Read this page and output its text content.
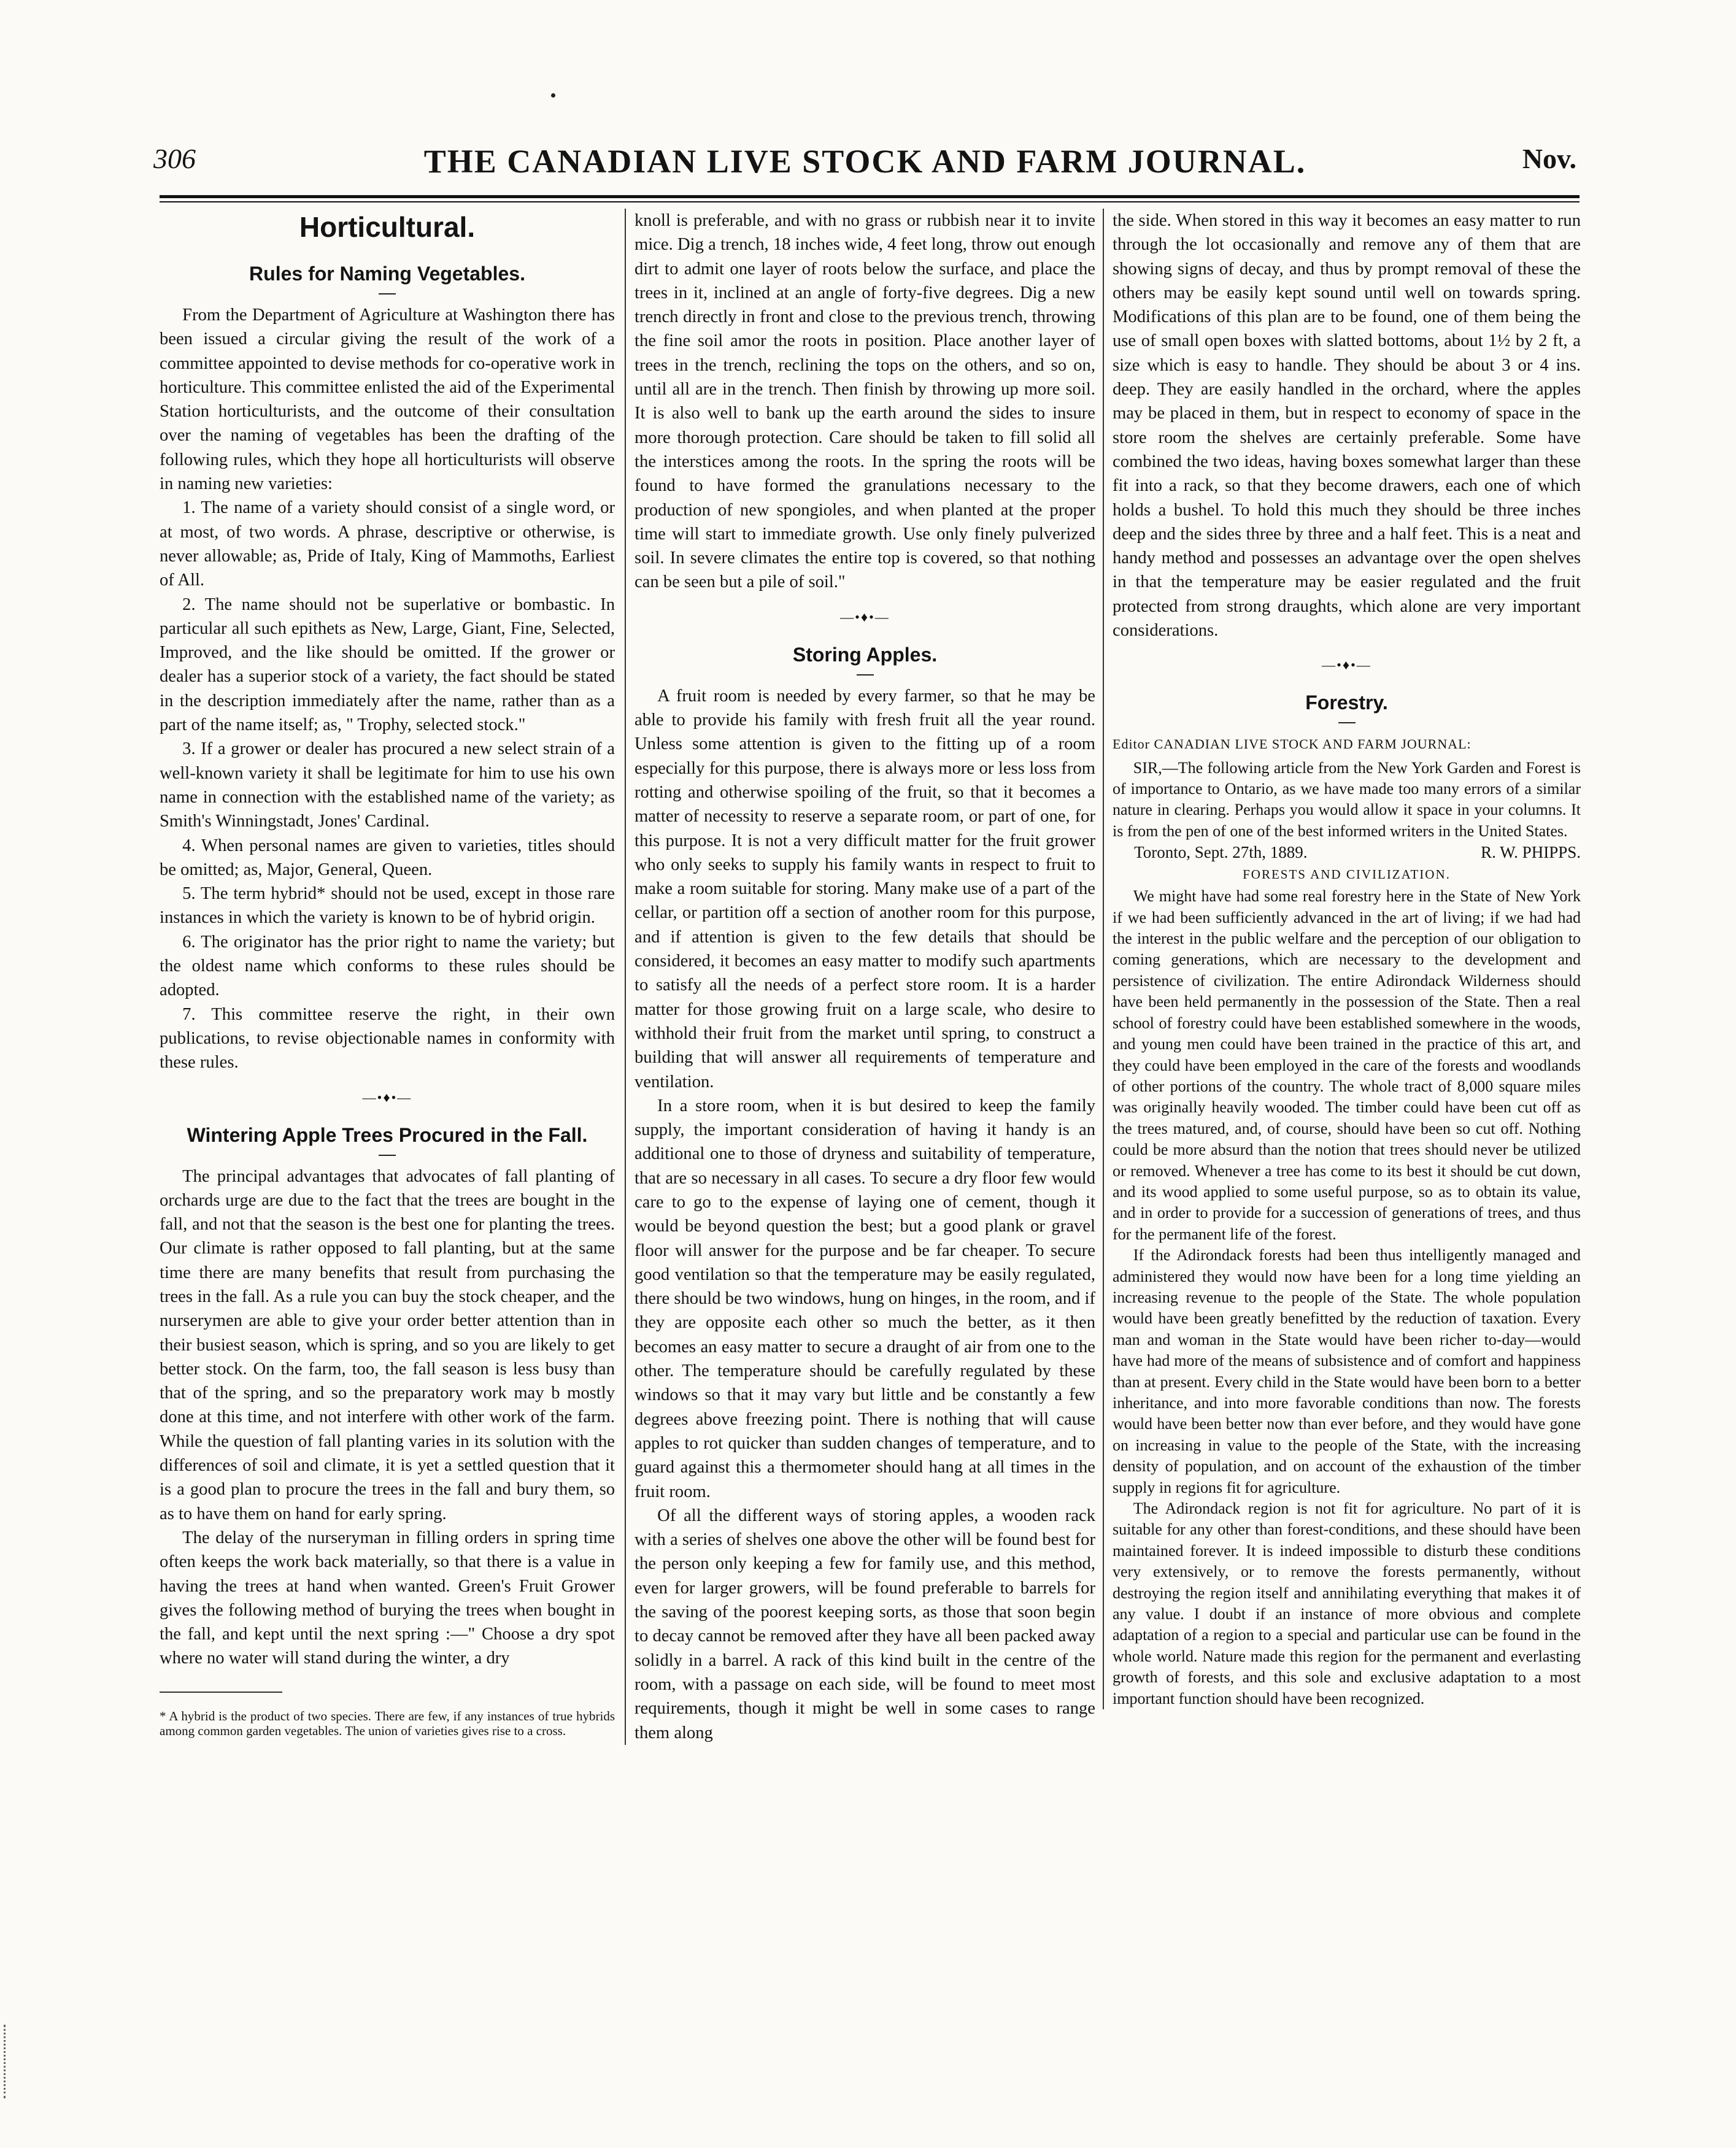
306	THE CANADIAN LIVE STOCK AND FARM JOURNAL.	Nov.
Horticultural.
Rules for Naming Vegetables.

From the Department of Agriculture at Washington there has been issued a circular giving the result of the work of a committee appointed to devise methods for co-operative work in horticulture. This committee enlisted the aid of the Experimental Station horticulturists, and the outcome of their consultation over the naming of vegetables has been the drafting of the following rules, which they hope all horticulturists will observe in naming new varieties:

1. The name of a variety should consist of a single word, or at most, of two words. A phrase, descriptive or otherwise, is never allowable; as, Pride of Italy, King of Mammoths, Earliest of All.

2. The name should not be superlative or bombastic. In particular all such epithets as New, Large, Giant, Fine, Selected, Improved, and the like should be omitted. If the grower or dealer has a superior stock of a variety, the fact should be stated in the description immediately after the name, rather than as a part of the name itself; as, " Trophy, selected stock."

3. If a grower or dealer has procured a new select strain of a well-known variety it shall be legitimate for him to use his own name in connection with the established name of the variety; as Smith's Winningstadt, Jones' Cardinal.

4. When personal names are given to varieties, titles should be omitted; as, Major, General, Queen.

5. The term hybrid* should not be used, except in those rare instances in which the variety is known to be of hybrid origin.

6. The originator has the prior right to name the variety; but the oldest name which conforms to these rules should be adopted.

7. This committee reserve the right, in their own publications, to revise objectionable names in conformity with these rules.

—•♦•—
Wintering Apple Trees Procured in the Fall.

The principal advantages that advocates of fall planting of orchards urge are due to the fact that the trees are bought in the fall, and not that the season is the best one for planting the trees. Our climate is rather opposed to fall planting, but at the same time there are many benefits that result from purchasing the trees in the fall. As a rule you can buy the stock cheaper, and the nurserymen are able to give your order better attention than in their busiest season, which is spring, and so you are likely to get better stock. On the farm, too, the fall season is less busy than that of the spring, and so the preparatory work may b mostly done at this time, and not interfere with other work of the farm. While the question of fall planting varies in its solution with the differences of soil and climate, it is yet a settled question that it is a good plan to procure the trees in the fall and bury them, so as to have them on hand for early spring.

The delay of the nurseryman in filling orders in spring time often keeps the work back materially, so that there is a value in having the trees at hand when wanted. Green's Fruit Grower gives the following method of burying the trees when bought in the fall, and kept until the next spring :—" Choose a dry spot where no water will stand during the winter, a dry

* A hybrid is the product of two species. There are few, if any instances of true hybrids among common garden vegetables. The union of varieties gives rise to a cross.

knoll is preferable, and with no grass or rubbish near it to invite mice. Dig a trench, 18 inches wide, 4 feet long, throw out enough dirt to admit one layer of roots below the surface, and place the trees in it, inclined at an angle of forty-five degrees. Dig a new trench directly in front and close to the previous trench, throwing the fine soil amor the roots in position. Place another layer of trees in the trench, reclining the tops on the others, and so on, until all are in the trench. Then finish by throwing up more soil. It is also well to bank up the earth around the sides to insure more thorough protection. Care should be taken to fill solid all the interstices among the roots. In the spring the roots will be found to have formed the granulations necessary to the production of new spongioles, and when planted at the proper time will start to immediate growth. Use only finely pulverized soil. In severe climates the entire top is covered, so that nothing can be seen but a pile of soil."

—•♦•—
Storing Apples.

A fruit room is needed by every farmer, so that he may be able to provide his family with fresh fruit all the year round. Unless some attention is given to the fitting up of a room especially for this purpose, there is always more or less loss from rotting and otherwise spoiling of the fruit, so that it becomes a matter of necessity to reserve a separate room, or part of one, for this purpose. It is not a very difficult matter for the fruit grower who only seeks to supply his family wants in respect to fruit to make a room suitable for storing. Many make use of a part of the cellar, or partition off a section of another room for this purpose, and if attention is given to the few details that should be considered, it becomes an easy matter to modify such apartments to satisfy all the needs of a perfect store room. It is a harder matter for those growing fruit on a large scale, who desire to withhold their fruit from the market until spring, to construct a building that will answer all requirements of temperature and ventilation.

In a store room, when it is but desired to keep the family supply, the important consideration of having it handy is an additional one to those of dryness and suitability of temperature, that are so necessary in all cases. To secure a dry floor few would care to go to the expense of laying one of cement, though it would be beyond question the best; but a good plank or gravel floor will answer for the purpose and be far cheaper. To secure good ventilation so that the temperature may be easily regulated, there should be two windows, hung on hinges, in the room, and if they are opposite each other so much the better, as it then becomes an easy matter to secure a draught of air from one to the other. The temperature should be carefully regulated by these windows so that it may vary but little and be constantly a few degrees above freezing point. There is nothing that will cause apples to rot quicker than sudden changes of temperature, and to guard against this a thermometer should hang at all times in the fruit room.

Of all the different ways of storing apples, a wooden rack with a series of shelves one above the other will be found best for the person only keeping a few for family use, and this method, even for larger growers, will be found preferable to barrels for the saving of the poorest keeping sorts, as those that soon begin to decay cannot be removed after they have all been packed away solidly in a barrel. A rack of this kind built in the centre of the room, with a passage on each side, will be found to meet most requirements, though it might be well in some cases to range them along

the side. When stored in this way it becomes an easy matter to run through the lot occasionally and remove any of them that are showing signs of decay, and thus by prompt removal of these the others may be easily kept sound until well on towards spring. Modifications of this plan are to be found, one of them being the use of small open boxes with slatted bottoms, about 1½ by 2 ft, a size which is easy to handle. They should be about 3 or 4 ins. deep. They are easily handled in the orchard, where the apples may be placed in them, but in respect to economy of space in the store room the shelves are certainly preferable. Some have combined the two ideas, having boxes somewhat larger than these fit into a rack, so that they become drawers, each one of which holds a bushel. To hold this much they should be three inches deep and the sides three by three and a half feet. This is a neat and handy method and possesses an advantage over the open shelves in that the temperature may be easier regulated and the fruit protected from strong draughts, which alone are very important considerations.

—•♦•—
Forestry.

Editor CANADIAN LIVE STOCK AND FARM JOURNAL:

SIR,—The following article from the New York Garden and Forest is of importance to Ontario, as we have made too many errors of a similar nature in clearing. Perhaps you would allow it space in your columns. It is from the pen of one of the best informed writers in the United States.

Toronto, Sept. 27th, 1889.	R. W. PHIPPS.
FORESTS AND CIVILIZATION.

We might have had some real forestry here in the State of New York if we had been sufficiently advanced in the art of living; if we had had the interest in the public welfare and the perception of our obligation to coming generations, which are necessary to the development and persistence of civilization. The entire Adirondack Wilderness should have been held permanently in the possession of the State. Then a real school of forestry could have been established somewhere in the woods, and young men could have been trained in the practice of this art, and they could have been employed in the care of the forests and woodlands of other portions of the country. The whole tract of 8,000 square miles was originally heavily wooded. The timber could have been cut off as the trees matured, and, of course, should have been so cut off. Nothing could be more absurd than the notion that trees should never be utilized or removed. Whenever a tree has come to its best it should be cut down, and its wood applied to some useful purpose, so as to obtain its value, and in order to provide for a succession of generations of trees, and thus for the permanent life of the forest.

If the Adirondack forests had been thus intelligently managed and administered they would now have been for a long time yielding an increasing revenue to the people of the State. The whole population would have been greatly benefitted by the reduction of taxation. Every man and woman in the State would have been richer to-day—would have had more of the means of subsistence and of comfort and happiness than at present. Every child in the State would have been born to a better inheritance, and into more favorable conditions than now. The forests would have been better now than ever before, and they would have gone on increasing in value to the people of the State, with the increasing density of population, and on account of the exhaustion of the timber supply in regions fit for agriculture.

The Adirondack region is not fit for agriculture. No part of it is suitable for any other than forest-conditions, and these should have been maintained forever. It is indeed impossible to disturb these conditions very extensively, or to remove the forests permanently, without destroying the region itself and annihilating everything that makes it of any value. I doubt if an instance of more obvious and complete adaptation of a region to a special and particular use can be found in the whole world. Nature made this region for the permanent and everlasting growth of forests, and this sole and exclusive adaptation to a most important function should have been recognized.
